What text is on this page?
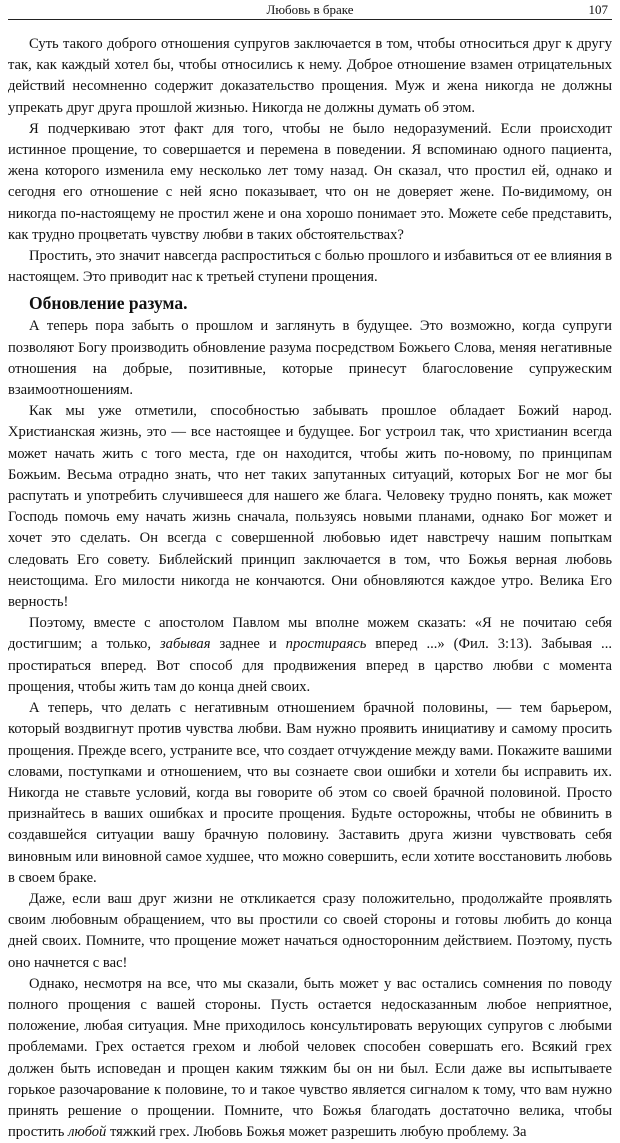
Любовь в браке	107

Суть такого доброго отношения супругов заключается в том, чтобы относиться друг к другу так, как каждый хотел бы, чтобы относились к нему. Доброе отношение взамен отрицательных действий несомненно содержит доказательство прощения. Муж и жена никогда не должны упрекать друг друга прошлой жизнью. Никогда не должны думать об этом.

Я подчеркиваю этот факт для того, чтобы не было недоразумений. Если происходит истинное прощение, то совершается и перемена в поведении. Я вспоминаю одного пациента, жена которого изменила ему несколько лет тому назад. Он сказал, что простил ей, однако и сегодня его отношение с ней ясно показывает, что он не доверяет жене. По-видимому, он никогда по-настоящему не простил жене и она хорошо понимает это. Можете себе представить, как трудно процветать чувству любви в таких обстоятельствах?

Простить, это значит навсегда распроститься с болью прошлого и избавиться от ее влияния в настоящем. Это приводит нас к третьей ступени прощения.

Обновление разума.

А теперь пора забыть о прошлом и заглянуть в будущее. Это возможно, когда супруги позволяют Богу производить обновление разума посредством Божьего Слова, меняя негативные отношения на добрые, позитивные, которые принесут благословение супружеским взаимоотношениям.

Как мы уже отметили, способностью забывать прошлое обладает Божий народ. Христианская жизнь, это — все настоящее и будущее. Бог устроил так, что христианин всегда может начать жить с того места, где он находится, чтобы жить по-новому, по принципам Божьим. Весьма отрадно знать, что нет таких запутанных ситуаций, которых Бог не мог бы распутать и употребить случившееся для нашего же блага. Человеку трудно понять, как может Господь помочь ему начать жизнь сначала, пользуясь новыми планами, однако Бог может и хочет это сделать. Он всегда с совершенной любовью идет навстречу нашим попыткам следовать Его совету. Библейский принцип заключается в том, что Божья верная любовь неистощима. Его милости никогда не кончаются. Они обновляются каждое утро. Велика Его верность!

Поэтому, вместе с апостолом Павлом мы вполне можем сказать: «Я не почитаю себя достигшим; а только, забывая заднее и простираясь вперед ...» (Фил. 3:13). Забывая ... простираться вперед. Вот способ для продвижения вперед в царство любви с момента прощения, чтобы жить там до конца дней своих.

А теперь, что делать с негативным отношением брачной половины, — тем барьером, который воздвигнут против чувства любви. Вам нужно проявить инициативу и самому просить прощения. Прежде всего, устраните все, что создает отчуждение между вами. Покажите вашими словами, поступками и отношением, что вы сознаете свои ошибки и хотели бы исправить их. Никогда не ставьте условий, когда вы говорите об этом со своей брачной половиной. Просто признайтесь в ваших ошибках и просите прощения. Будьте осторожны, чтобы не обвинить в создавшейся ситуации вашу брачную половину. Заставить друга жизни чувствовать себя виновным или виновной самое худшее, что можно совершить, если хотите восстановить любовь в своем браке.

Даже, если ваш друг жизни не откликается сразу положительно, продолжайте проявлять своим любовным обращением, что вы простили со своей стороны и готовы любить до конца дней своих. Помните, что прощение может начаться односторонним действием. Поэтому, пусть оно начнется с вас!

Однако, несмотря на все, что мы сказали, быть может у вас остались сомнения по поводу полного прощения с вашей стороны. Пусть остается недосказанным любое неприятное, положение, любая ситуация. Мне приходилось консультировать верующих супругов с любыми проблемами. Грех остается грехом и любой человек способен совершать его. Всякий грех должен быть исповедан и прощен каким тяжким бы он ни был. Если даже вы испытываете горькое разочарование к половине, то и такое чувство является сигналом к тому, что вам нужно принять решение о прощении. Помните, что Божья благодать достаточно велика, чтобы простить любой тяжкий грех. Любовь Божья может разрешить любую проблему. За
